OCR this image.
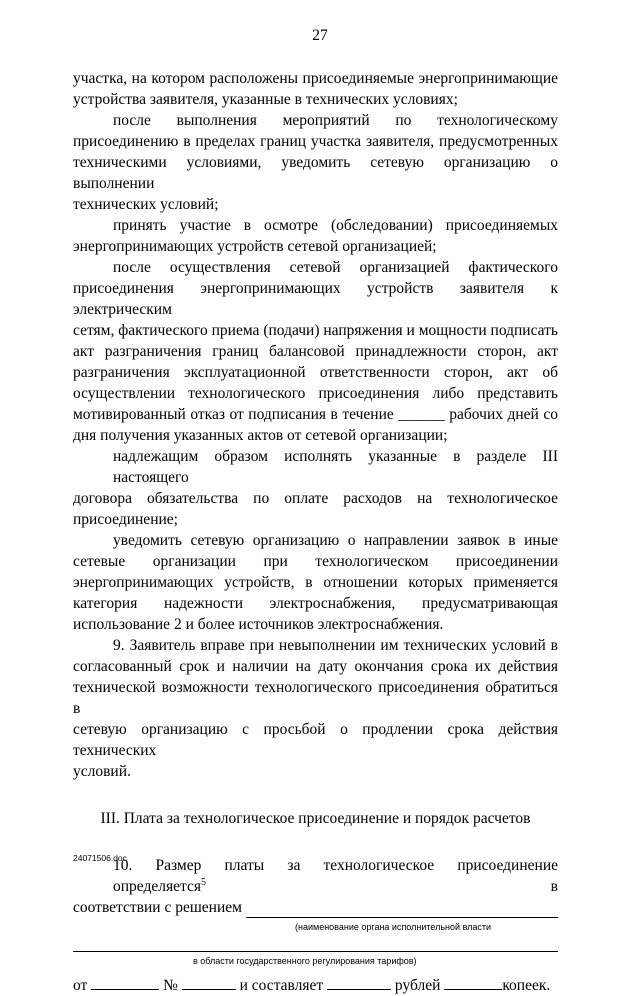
27
участка, на котором расположены присоединяемые энергопринимающие
устройства заявителя, указанные в технических условиях;
после выполнения мероприятий по технологическому
присоединению в пределах границ участка заявителя, предусмотренных
техническими условиями, уведомить сетевую организацию о выполнении
технических условий;
принять участие в осмотре (обследовании) присоединяемых
энергопринимающих устройств сетевой организацией;
после осуществления сетевой организацией фактического
присоединения энергопринимающих устройств заявителя к электрическим
сетям, фактического приема (подачи) напряжения и мощности подписать
акт разграничения границ балансовой принадлежности сторон, акт
разграничения эксплуатационной ответственности сторон, акт об
осуществлении технологического присоединения либо представить
мотивированный отказ от подписания в течение ______ рабочих дней со
дня получения указанных актов от сетевой организации;
надлежащим образом исполнять указанные в разделе III настоящего
договора обязательства по оплате расходов на технологическое
присоединение;
уведомить сетевую организацию о направлении заявок в иные
сетевые организации при технологическом присоединении
энергопринимающих устройств, в отношении которых применяется
категория надежности электроснабжения, предусматривающая
использование 2 и более источников электроснабжения.
9. Заявитель вправе при невыполнении им технических условий в
согласованный срок и наличии на дату окончания срока их действия
технической возможности технологического присоединения обратиться в
сетевую организацию с просьбой о продлении срока действия технических
условий.
III. Плата за технологическое присоединение и порядок расчетов
10. Размер платы за технологическое присоединение определяется$^5$	в
соответствии с решением
(наименование органа исполнительной власти
в области государственного регулирования тарифов)
от	№	и составляет	рублей	копеек.
24071506.doc
